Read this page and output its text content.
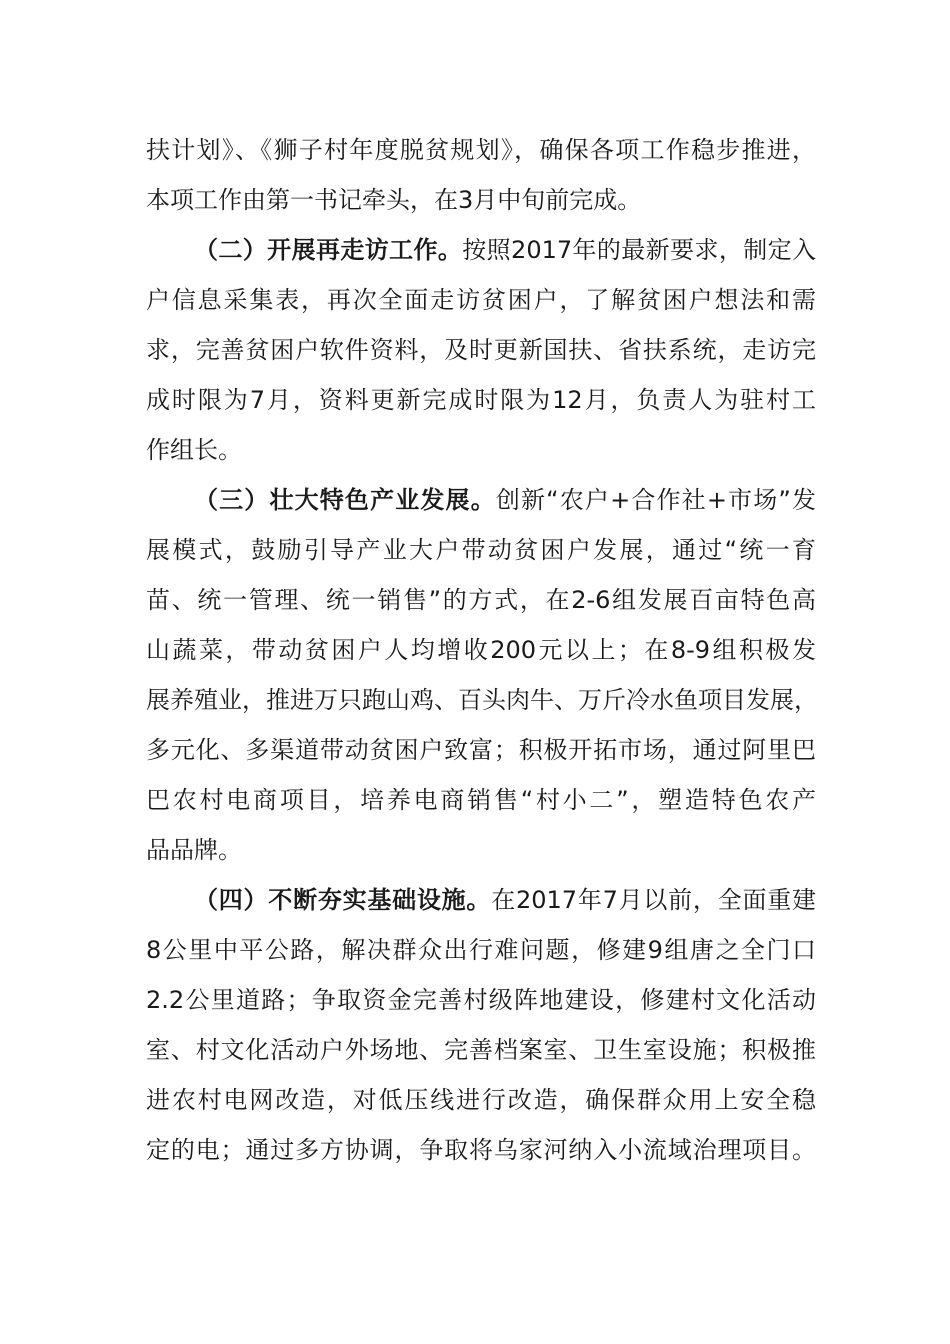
扶计划》、《狮子村年度脱贫规划》，确保各项工作稳步推进，
本项工作由第一书记牵头，在3月中旬前完成。
（二）开展再走访工作。按照2017年的最新要求，制定入
户信息采集表，再次全面走访贫困户，了解贫困户想法和需
求，完善贫困户软件资料，及时更新国扶、省扶系统，走访完
成时限为7月，资料更新完成时限为12月，负责人为驻村工
作组长。
（三）壮大特色产业发展。创新“农户+合作社+市场”发
展模式，鼓励引导产业大户带动贫困户发展，通过“统一育
苗、统一管理、统一销售”的方式，在2-6组发展百亩特色高
山蔬菜，带动贫困户人均增收200元以上；在8-9组积极发
展养殖业，推进万只跑山鸡、百头肉牛、万斤冷水鱼项目发展，
多元化、多渠道带动贫困户致富；积极开拓市场，通过阿里巴
巴农村电商项目，培养电商销售“村小二”，塑造特色农产
品品牌。
（四）不断夯实基础设施。在2017年7月以前，全面重建
8公里中平公路，解决群众出行难问题，修建9组唐之全门口
2.2公里道路；争取资金完善村级阵地建设，修建村文化活动
室、村文化活动户外场地、完善档案室、卫生室设施；积极推
进农村电网改造，对低压线进行改造，确保群众用上安全稳
定的电；通过多方协调，争取将乌家河纳入小流域治理项目。
